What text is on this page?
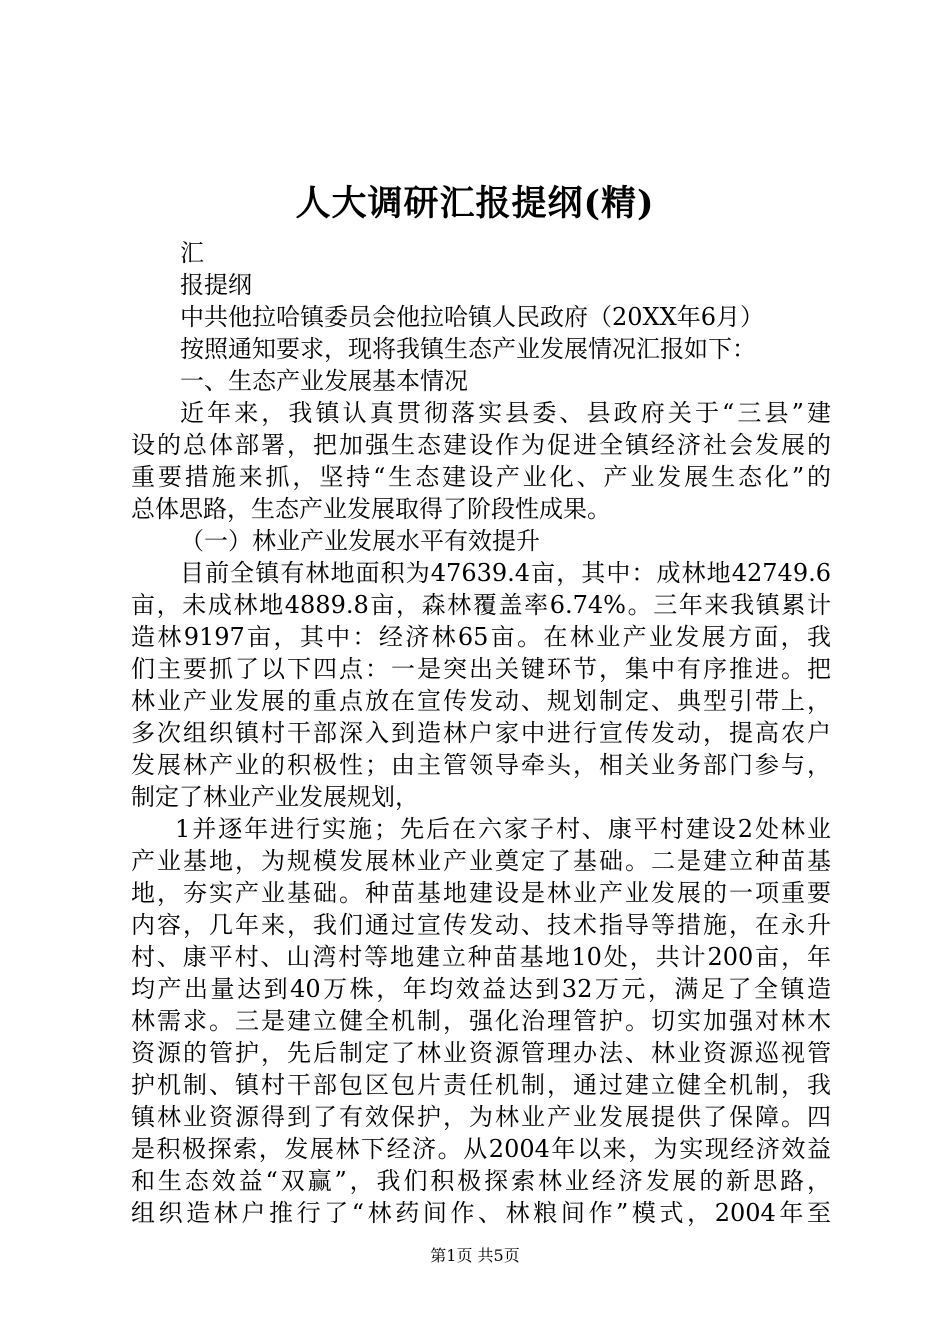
人大调研汇报提纲(精)
汇
报提纲
中共他拉哈镇委员会他拉哈镇人民政府（20XX年6月）
按照通知要求，现将我镇生态产业发展情况汇报如下：
一、生态产业发展基本情况
近年来，我镇认真贯彻落实县委、县政府关于“三县”建
设的总体部署，把加强生态建设作为促进全镇经济社会发展的
重要措施来抓，坚持“生态建设产业化、产业发展生态化”的
总体思路，生态产业发展取得了阶段性成果。
（一）林业产业发展水平有效提升
目前全镇有林地面积为47639.4亩，其中：成林地42749.6
亩，未成林地4889.8亩，森林覆盖率6.74%。三年来我镇累计
造林9197亩，其中：经济林65亩。在林业产业发展方面，我
们主要抓了以下四点：一是突出关键环节，集中有序推进。把
林业产业发展的重点放在宣传发动、规划制定、典型引带上，
多次组织镇村干部深入到造林户家中进行宣传发动，提高农户
发展林产业的积极性；由主管领导牵头，相关业务部门参与，
制定了林业产业发展规划，
1并逐年进行实施；先后在六家子村、康平村建设2处林业
产业基地，为规模发展林业产业奠定了基础。二是建立种苗基
地，夯实产业基础。种苗基地建设是林业产业发展的一项重要
内容，几年来，我们通过宣传发动、技术指导等措施，在永升
村、康平村、山湾村等地建立种苗基地10处，共计200亩，年
均产出量达到40万株，年均效益达到32万元，满足了全镇造
林需求。三是建立健全机制，强化治理管护。切实加强对林木
资源的管护，先后制定了林业资源管理办法、林业资源巡视管
护机制、镇村干部包区包片责任机制，通过建立健全机制，我
镇林业资源得到了有效保护，为林业产业发展提供了保障。四
是积极探索，发展林下经济。从2004年以来，为实现经济效益
和生态效益“双赢”，我们积极探索林业经济发展的新思路，
组织造林户推行了“林药间作、林粮间作”模式，2004年至
第1页 共5页
